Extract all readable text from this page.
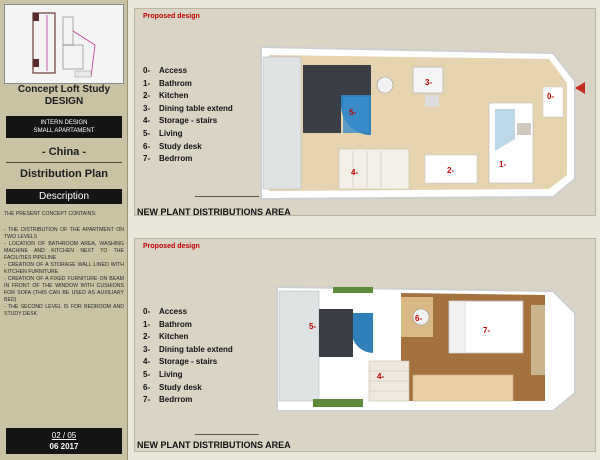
Concept Loft Study
DESIGN
INTERN DESIGN
SMALL APARTAMENT
- China -
Distribution Plan
Description
THE PRESENT CONCEPT CONTAINS:
- THE DISTRIBUTION OF THE APARTMENT ON TWO LEVELS
- LOCATION OF BATHROOM AREA, WASHING MACHINE AND KITCHEN NEXT TO THE FACILITIES PIPELINE
- CREATION OF A STORAGE WALL LINED WITH KITCHEN FURNITURE
- CREATION OF A FIXED FURNITURE ON BEAM IN FRONT OF THE WINDOW WITH CUSHIONS FOR SOFA (THIS CAN BE USED AS AUXILIARY BED)
- THE SECOND LEVEL IS FOR BEDROOM AND STUDY DESK
02 / 05
06 2017
Proposed design
0- Access
1- Bathrom
2- Kitchen
3- Dining table extend
4- Storage - stairs
5- Living
6- Study desk
7- Bedrrom
0-
1-
2-
3-
4-
5-
NEW PLANT DISTRIBUTIONS AREA
Proposed design
0- Access
1- Bathrom
2- Kitchen
3- Dining table extend
4- Storage - stairs
5- Living
6- Study desk
7- Bedrrom
4-
5-
6-
7-
NEW PLANT DISTRIBUTIONS AREA
